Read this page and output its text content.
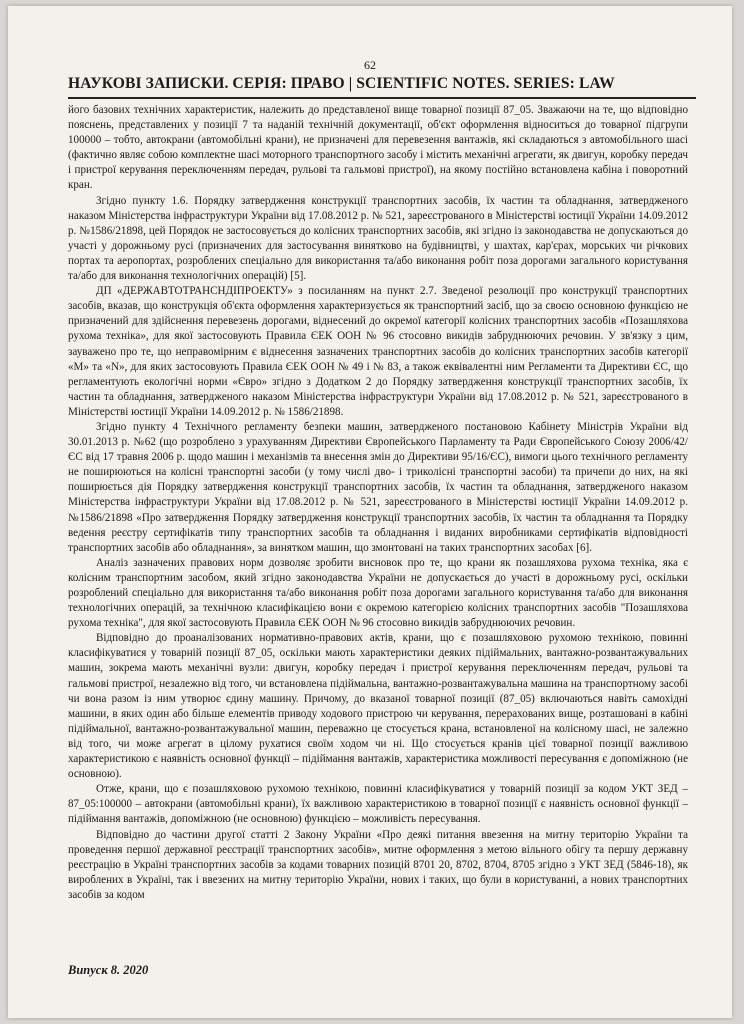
62
НАУКОВІ ЗАПИСКИ. СЕРІЯ: ПРАВО | SCIENTIFIC NOTES. SERIES: LAW

його базових технічних характеристик, належить до представленої вище товарної позиції 87_05. Зважаючи на те, що відповідно пояснень, представлених у позиції 7 та наданій технічній документації, об'єкт оформлення відноситься до товарної підгрупи 100000 – тобто, автокрани (автомобільні крани), не призначені для перевезення вантажів, які складаються з автомобільного шасі (фактично являє собою комплектне шасі моторного транспортного засобу і містить механічні агрегати, як двигун, коробку передач і пристрої керування переключенням передач, рульові та гальмові пристрої), на якому постійно встановлена кабіна і поворотний кран.

Згідно пункту 1.6. Порядку затвердження конструкції транспортних засобів, їх частин та обладнання, затвердженого наказом Міністерства інфраструктури України від 17.08.2012 р. № 521, зареєстрованого в Міністерстві юстиції України 14.09.2012 р. №1586/21898, цей Порядок не застосовується до колісних транспортних засобів, які згідно із законодавства не допускаються до участі у дорожньому русі (призначених для застосування винятково на будівництві, у шахтах, кар'єрах, морських чи річкових портах та аеропортах, розроблених спеціально для використання та/або виконання робіт поза дорогами загального користування та/або для виконання технологічних операцій) [5].

ДП «ДЕРЖАВТОТРАНСНДІПРОЕКТУ» з посиланням на пункт 2.7. Зведеної резолюції про конструкції транспортних засобів, вказав, що конструкція об'єкта оформлення характеризується як транспортний засіб, що за своєю основною функцією не призначений для здійснення перевезень дорогами, віднесений до окремої категорії колісних транспортних засобів «Позашляхова рухома техніка», для якої застосовують Правила ЄЕК ООН № 96 стосовно викидів забруднюючих речовин. У зв'язку з цим, зауважено про те, що неправомірним є віднесення зазначених транспортних засобів до колісних транспортних засобів категорії «М» та «N», для яких застосовують Правила ЄЕК ООН № 49 і № 83, а також еквівалентні ним Регламенти та Директиви ЄС, що регламентують екологічні норми «Євро» згідно з Додатком 2 до Порядку затвердження конструкції транспортних засобів, їх частин та обладнання, затвердженого наказом Міністерства інфраструктури України від 17.08.2012 р. № 521, зареєстрованого в Міністерстві юстиції України 14.09.2012 р. № 1586/21898.

Згідно пункту 4 Технічного регламенту безпеки машин, затвердженого постановою Кабінету Міністрів України від 30.01.2013 р. №62 (що розроблено з урахуванням Директиви Європейського Парламенту та Ради Європейського Союзу 2006/42/ЄС від 17 травня 2006 р. щодо машин і механізмів та внесення змін до Директиви 95/16/ЄС), вимоги цього технічного регламенту не поширюються на колісні транспортні засоби (у тому числі дво- і триколісні транспортні засоби) та причепи до них, на які поширюється дія Порядку затвердження конструкції транспортних засобів, їх частин та обладнання, затвердженого наказом Міністерства інфраструктури України від 17.08.2012 р. № 521, зареєстрованого в Міністерстві юстиції України 14.09.2012 р. №1586/21898 «Про затвердження Порядку затвердження конструкції транспортних засобів, їх частин та обладнання та Порядку ведення реєстру сертифікатів типу транспортних засобів та обладнання і виданих виробниками сертифікатів відповідності транспортних засобів або обладнання», за винятком машин, що змонтовані на таких транспортних засобах [6].

Аналіз зазначених правових норм дозволяє зробити висновок про те, що крани як позашляхова рухома техніка, яка є колісним транспортним засобом, який згідно законодавства України не допускається до участі в дорожньому русі, оскільки розроблений спеціально для використання та/або виконання робіт поза дорогами загального користування та/або для виконання технологічних операцій, за технічною класифікацією вони є окремою категорією колісних транспортних засобів "Позашляхова рухома техніка", для якої застосовують Правила ЄЕК ООН № 96 стосовно викидів забруднюючих речовин.

Відповідно до проаналізованих нормативно-правових актів, крани, що є позашляховою рухомою технікою, повинні класифікуватися у товарній позиції 87_05, оскільки мають характеристики деяких підіймальних, вантажно-розвантажувальних машин, зокрема мають механічні вузли: двигун, коробку передач і пристрої керування переключенням передач, рульові та гальмові пристрої, незалежно від того, чи встановлена підіймальна, вантажно-розвантажувальна машина на транспортному засобі чи вона разом із ним утворює єдину машину. Причому, до вказаної товарної позиції (87_05) включаються навіть самохідні машини, в яких один або більше елементів приводу ходового пристрою чи керування, перерахованих вище, розташовані в кабіні підіймальної, вантажно-розвантажувальної машин, переважно це стосується крана, встановленої на колісному шасі, не залежно від того, чи може агрегат в цілому рухатися своїм ходом чи ні. Що стосується кранів цієї товарної позиції важливою характеристикою є наявність основної функції – підіймання вантажів, характеристика можливості пересування є допоміжною (не основною).

Отже, крани, що є позашляховою рухомою технікою, повинні класифікуватися у товарній позиції за кодом УКТ ЗЕД – 87_05:100000 – автокрани (автомобільні крани), їх важливою характеристикою в товарної позиції є наявність основної функції – підіймання вантажів, допоміжною (не основною) функцією – можливість пересування.

Відповідно до частини другої статті 2 Закону України «Про деякі питання ввезення на митну територію України та проведення першої державної реєстрації транспортних засобів», митне оформлення з метою вільного обігу та першу державну реєстрацію в Україні транспортних засобів за кодами товарних позицій 8701 20, 8702, 8704, 8705 згідно з УКТ ЗЕД (5846-18), як вироблених в Україні, так і ввезених на митну територію України, нових і таких, що були в користуванні, а нових транспортних засобів за кодом

Випуск 8. 2020
